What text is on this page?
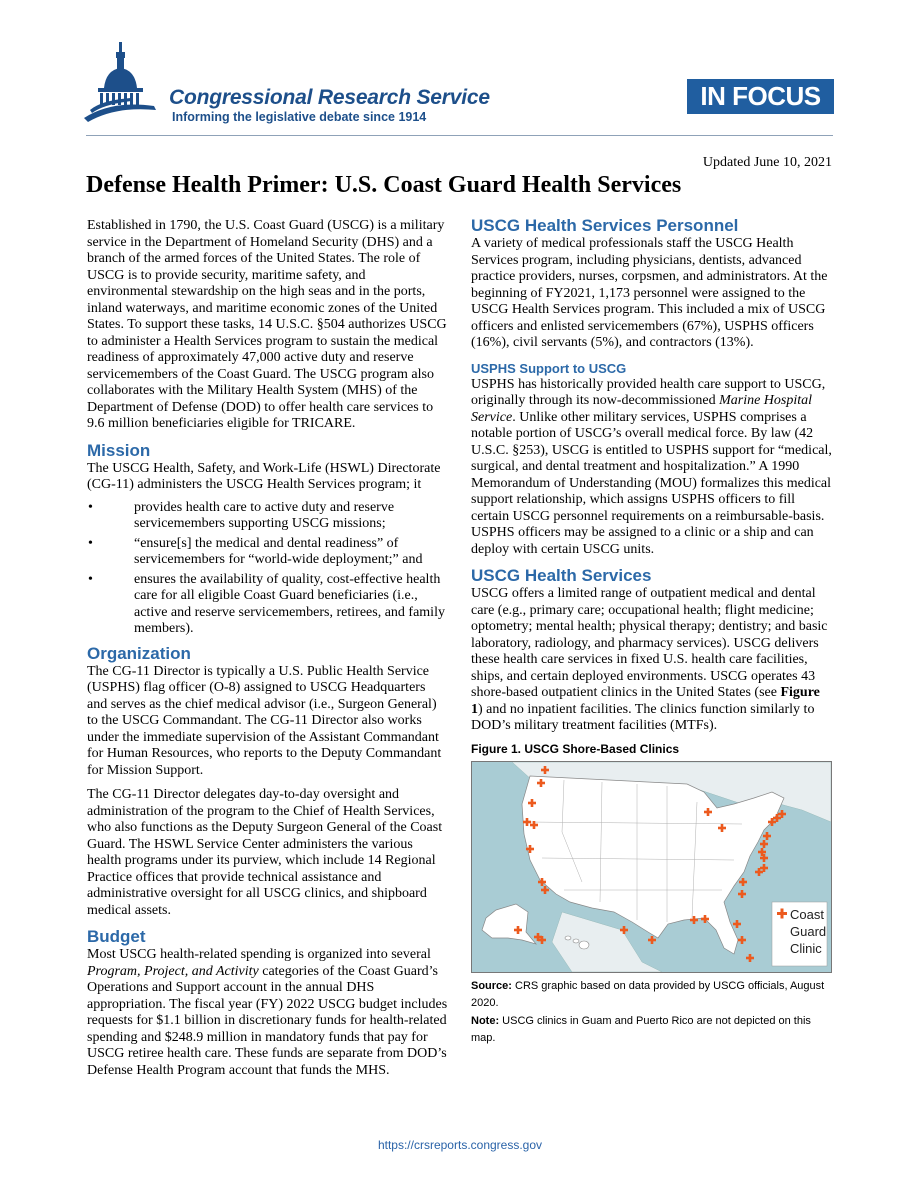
Congressional Research Service
Informing the legislative debate since 1914
IN FOCUS
Updated June 10, 2021
Defense Health Primer: U.S. Coast Guard Health Services

Established in 1790, the U.S. Coast Guard (USCG) is a military service in the Department of Homeland Security (DHS) and a branch of the armed forces of the United States. The role of USCG is to provide security, maritime safety, and environmental stewardship on the high seas and in the ports, inland waterways, and maritime economic zones of the United States. To support these tasks, 14 U.S.C. §504 authorizes USCG to administer a Health Services program to sustain the medical readiness of approximately 47,000 active duty and reserve servicemembers of the Coast Guard. The USCG program also collaborates with the Military Health System (MHS) of the Department of Defense (DOD) to offer health care services to 9.6 million beneficiaries eligible for TRICARE.

Mission

The USCG Health, Safety, and Work-Life (HSWL) Directorate (CG-11) administers the USCG Health Services program; it

•	provides health care to active duty and reserve servicemembers supporting USCG missions;
•	“ensure[s] the medical and dental readiness” of servicemembers for “world-wide deployment;” and
•	ensures the availability of quality, cost-effective health care for all eligible Coast Guard beneficiaries (i.e., active and reserve servicemembers, retirees, and family members).
Organization

The CG-11 Director is typically a U.S. Public Health Service (USPHS) flag officer (O-8) assigned to USCG Headquarters and serves as the chief medical advisor (i.e., Surgeon General) to the USCG Commandant. The CG-11 Director also works under the immediate supervision of the Assistant Commandant for Human Resources, who reports to the Deputy Commandant for Mission Support.

The CG-11 Director delegates day-to-day oversight and administration of the program to the Chief of Health Services, who also functions as the Deputy Surgeon General of the Coast Guard. The HSWL Service Center administers the various health programs under its purview, which include 14 Regional Practice offices that provide technical assistance and administrative oversight for all USCG clinics, and shipboard medical assets.

Budget

Most USCG health-related spending is organized into several Program, Project, and Activity categories of the Coast Guard’s Operations and Support account in the annual DHS appropriation. The fiscal year (FY) 2022 USCG budget includes requests for $1.1 billion in discretionary funds for health-related spending and $248.9 million in mandatory funds that pay for USCG retiree health care. These funds are separate from DOD’s Defense Health Program account that funds the MHS.

USCG Health Services Personnel

A variety of medical professionals staff the USCG Health Services program, including physicians, dentists, advanced practice providers, nurses, corpsmen, and administrators. At the beginning of FY2021, 1,173 personnel were assigned to the USCG Health Services program. This included a mix of USCG officers and enlisted servicemembers (67%), USPHS officers (16%), civil servants (5%), and contractors (13%).

USPHS Support to USCG

USPHS has historically provided health care support to USCG, originally through its now-decommissioned Marine Hospital Service. Unlike other military services, USPHS comprises a notable portion of USCG’s overall medical force. By law (42 U.S.C. §253), USCG is entitled to USPHS support for “medical, surgical, and dental treatment and hospitalization.” A 1990 Memorandum of Understanding (MOU) formalizes this medical support relationship, which assigns USPHS officers to fill certain USCG personnel requirements on a reimbursable-basis. USPHS officers may be assigned to a clinic or a ship and can deploy with certain USCG units.

USCG Health Services

USCG offers a limited range of outpatient medical and dental care (e.g., primary care; occupational health; flight medicine; optometry; mental health; physical therapy; dentistry; and basic laboratory, radiology, and pharmacy services). USCG delivers these health care services in fixed U.S. health care facilities, ships, and certain deployed environments. USCG operates 43 shore-based outpatient clinics in the United States (see Figure 1) and no inpatient facilities. The clinics function similarly to DOD’s military treatment facilities (MTFs).

Figure 1. USCG Shore-Based Clinics
Coast
Guard
Clinic
Source: CRS graphic based on data provided by USCG officials, August 2020.
Note: USCG clinics in Guam and Puerto Rico are not depicted on this map.
https://crsreports.congress.gov
